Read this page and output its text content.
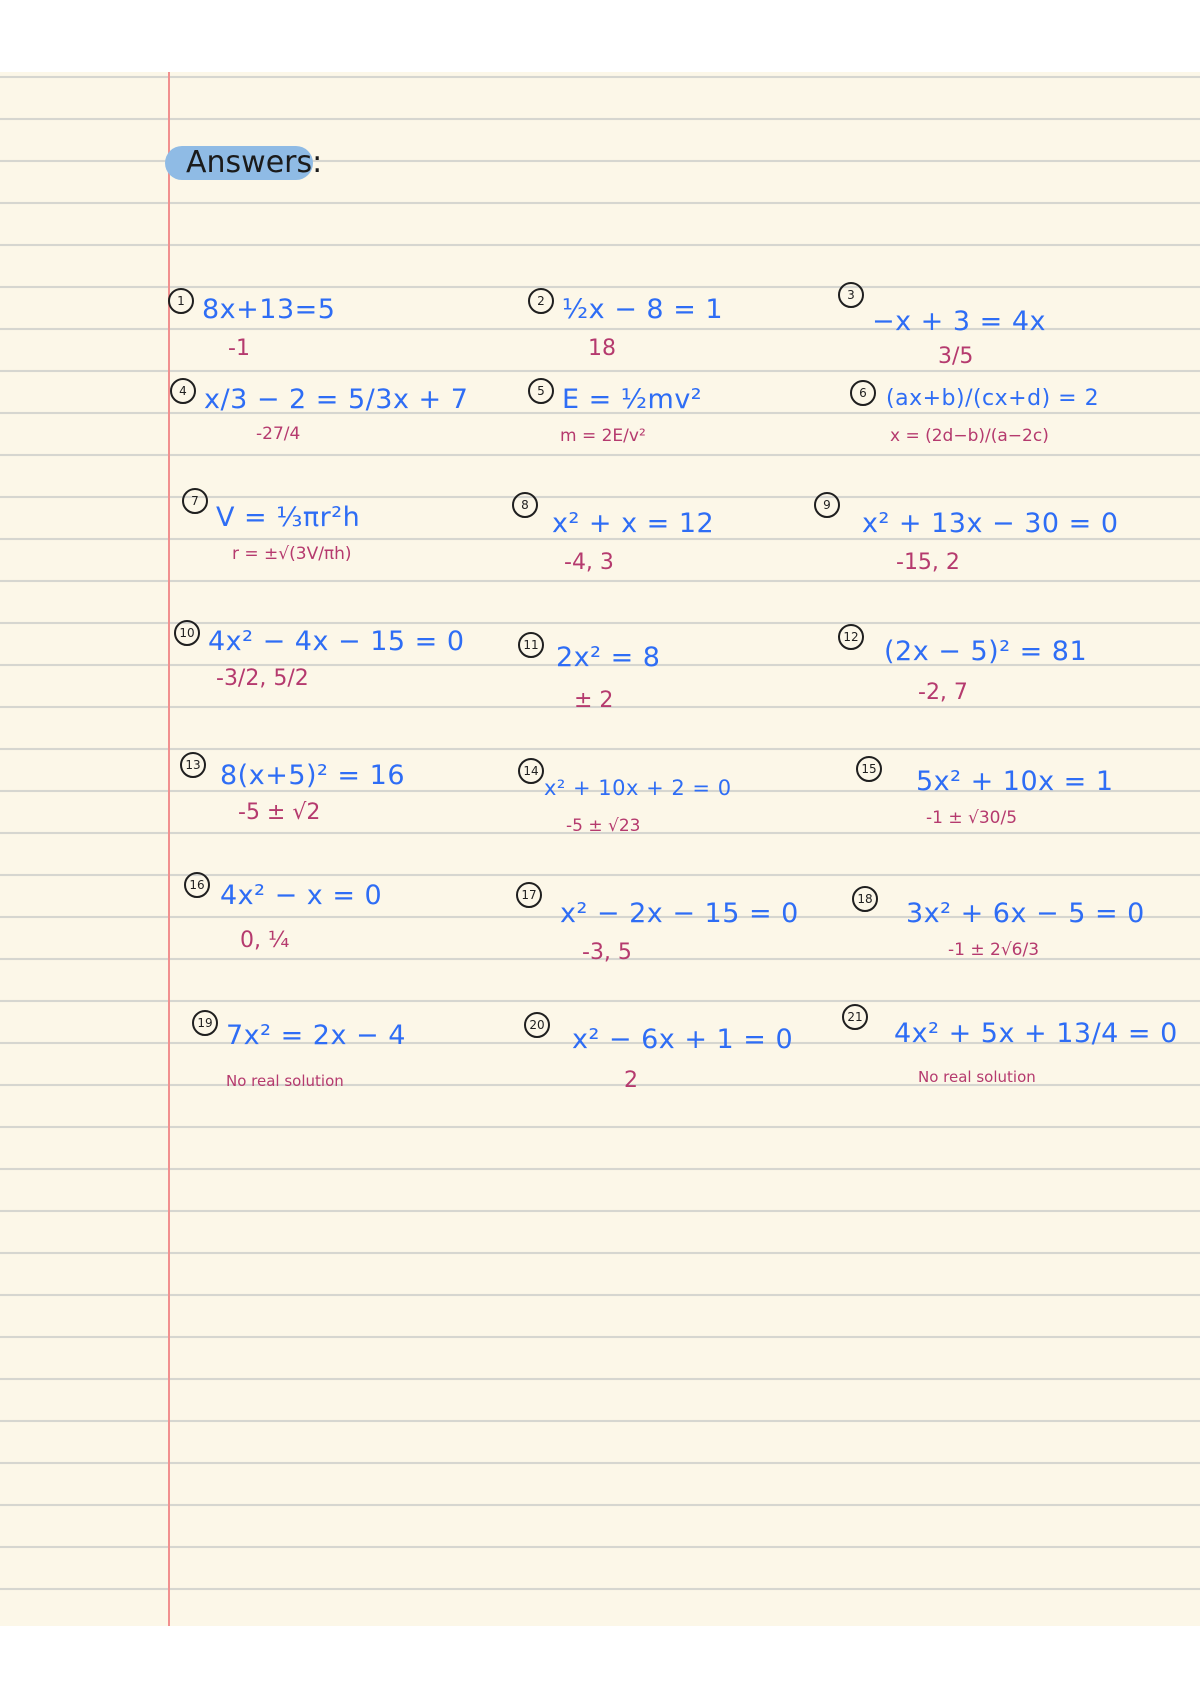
Answers:
1 8x+13=5
-1
2 ½x − 8 = 1
18
3
−x + 3 = 4x
3/5
4 x/3 − 2 = 5/3x + 7
-27/4
5 E = ½mv²
m = 2E/v²
6 (ax+b)/(cx+d) = 2
x = (2d−b)/(a−2c)
7
V = ⅓πr²h
r = ±√(3V/πh)
8
x² + x = 12
-4, 3
9
x² + 13x − 30 = 0
-15, 2
10 4x² − 4x − 15 = 0
-3/2, 5/2
11 2x² = 8
± 2
12 (2x − 5)² = 81
-2, 7
13 8(x+5)² = 16
-5 ± √2
14
x² + 10x + 2 = 0
-5 ± √23
15 5x² + 10x = 1
-1 ± √30/5
16 4x² − x = 0
0, ¼
17
x² − 2x − 15 = 0
-3, 5
18 3x² + 6x − 5 = 0
-1 ± 2√6/3
19 7x² = 2x − 4
No real solution
20 x² − 6x + 1 = 0
2
21
4x² + 5x + 13/4 = 0
No real solution
